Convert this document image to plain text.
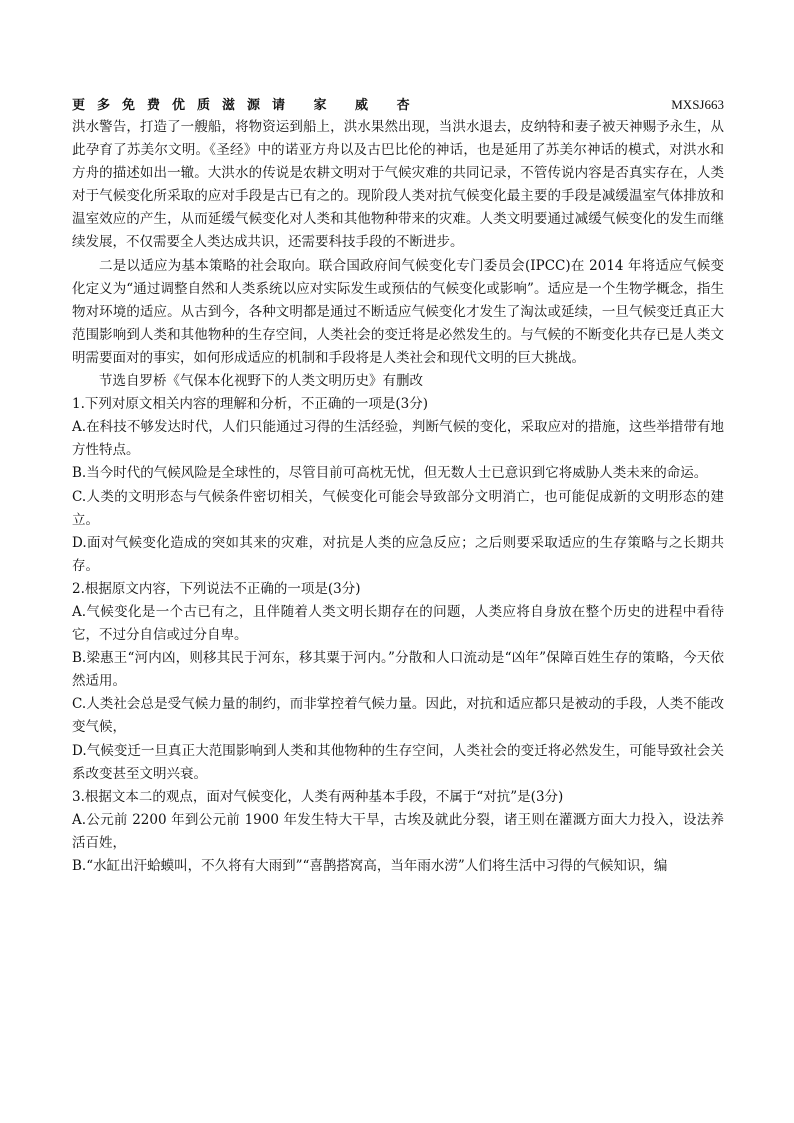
更多免费优质滋源请 家 威 杏	MXSJ663

洪水警告，打造了一艘船，将物资运到船上，洪水果然出现，当洪水退去，皮纳特和妻子被天神赐予永生，从此孕育了苏美尔文明。《圣经》中的诺亚方舟以及古巴比伦的神话，也是延用了苏美尔神话的模式，对洪水和方舟的描述如出一辙。大洪水的传说是农耕文明对于气候灾难的共同记录，不管传说内容是否真实存在，人类对于气候变化所采取的应对手段是古已有之的。现阶段人类对抗气候变化最主要的手段是减缓温室气体排放和温室效应的产生，从而延缓气候变化对人类和其他物种带来的灾难。人类文明要通过减缓气候变化的发生而继续发展，不仅需要全人类达成共识，还需要科技手段的不断进步。

二是以适应为基本策略的社会取向。联合国政府间气候变化专门委员会(IPCC)在 2014 年将适应气候变化定义为“通过调整自然和人类系统以应对实际发生或预估的气候变化或影响”。适应是一个生物学概念，指生物对环境的适应。从古到今，各种文明都是通过不断适应气候变化才发生了淘汰或延续，一旦气候变迁真正大范围影响到人类和其他物种的生存空间，人类社会的变迁将是必然发生的。与气候的不断变化共存已是人类文明需要面对的事实，如何形成适应的机制和手段将是人类社会和现代文明的巨大挑战。

节选自罗桥《气保本化视野下的人类文明历史》有删改

1.下列对原文相关内容的理解和分析，不正确的一项是(3分)

A.在科技不够发达时代，人们只能通过习得的生活经验，判断气候的变化，采取应对的措施，这些举措带有地方性特点。

B.当今时代的气候风险是全球性的，尽管目前可高枕无忧，但无数人士已意识到它将威胁人类未来的命运。

C.人类的文明形态与气候条件密切相关，气候变化可能会导致部分文明消亡，也可能促成新的文明形态的建立。

D.面对气候变化造成的突如其来的灾难，对抗是人类的应急反应；之后则要采取适应的生存策略与之长期共存。

2.根据原文内容，下列说法不正确的一项是(3分)

A.气候变化是一个古已有之，且伴随着人类文明长期存在的问题，人类应将自身放在整个历史的进程中看待它，不过分自信或过分自卑。

B.梁惠王“河内凶，则移其民于河东，移其粟于河内。”分散和人口流动是“凶年”保障百姓生存的策略，今天依然适用。

C.人类社会总是受气候力量的制约，而非掌控着气候力量。因此，对抗和适应都只是被动的手段，人类不能改变气候，

D.气候变迁一旦真正大范围影响到人类和其他物种的生存空间，人类社会的变迁将必然发生，可能导致社会关系改变甚至文明兴衰。

3.根据文本二的观点，面对气候变化，人类有两种基本手段，不属于“对抗”是(3分)

A.公元前 2200 年到公元前 1900 年发生特大干旱，古埃及就此分裂，诸王则在灌溉方面大力投入，设法养活百姓，

B.“水缸出汗蛤蟆叫，不久将有大雨到”“喜鹊搭窝高，当年雨水涝”人们将生活中习得的气候知识，编
